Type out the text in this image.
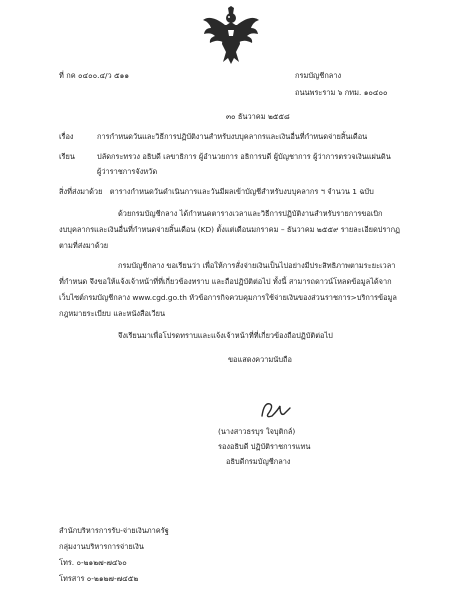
ที่ กค ๐๔๐๐.๔/ว ๕๑๑	กรมบัญชีกลาง
ถนนพระราม ๖ กทม. ๑๐๔๐๐
๓๐ ธันวาคม ๒๕๕๘
เรื่อง	การกำหนดวันและวิธีการปฏิบัติงานสำหรับงบบุคลากรและเงินอื่นที่กำหนดจ่ายสิ้นเดือน
เรียน	ปลัดกระทรวง อธิบดี เลขาธิการ ผู้อำนวยการ อธิการบดี ผู้บัญชาการ ผู้ว่าการตรวจเงินแผ่นดิน
ผู้ว่าราชการจังหวัด
สิ่งที่ส่งมาด้วย ตารางกำหนดวันดำเนินการและวันมีผลเข้าบัญชีสำหรับงบบุคลากร ฯ จำนวน 1 ฉบับ
ด้วยกรมบัญชีกลาง ได้กำหนดตารางเวลาและวิธีการปฏิบัติงานสำหรับรายการขอเบิก
งบบุคลากรและเงินอื่นที่กำหนดจ่ายสิ้นเดือน (KD) ตั้งแต่เดือนมกราคม – ธันวาคม ๒๕๕๙ รายละเอียดปรากฏ
ตามที่ส่งมาด้วย
กรมบัญชีกลาง ขอเรียนว่า เพื่อให้การสั่งจ่ายเงินเป็นไปอย่างมีประสิทธิภาพตามระยะเวลา
ที่กำหนด จึงขอให้แจ้งเจ้าหน้าที่ที่เกี่ยวข้องทราบ และถือปฏิบัติต่อไป ทั้งนี้ สามารถดาวน์โหลดข้อมูลได้จาก
เว็บไซต์กรมบัญชีกลาง www.cgd.go.th หัวข้อการกิจควบคุมการใช้จ่ายเงินของส่วนราชการ>บริการข้อมูล
กฎหมายระเบียบ และหนังสือเวียน
จึงเรียนมาเพื่อโปรดทราบและแจ้งเจ้าหน้าที่ที่เกี่ยวข้องถือปฏิบัติต่อไป
ขอแสดงความนับถือ
(นางสาวธรบุร ใจบุติกล์)
รองอธิบดี ปฏิบัติราชการแทน
อธิบดีกรมบัญชีกลาง
สำนักบริหารการรับ-จ่ายเงินภาครัฐ
กลุ่มงานบริหารการจ่ายเงิน
โทร. ๐-๒๑๒๗-๗๔๖๐
โทรสาร ๐-๒๑๒๗-๗๔๕๒
